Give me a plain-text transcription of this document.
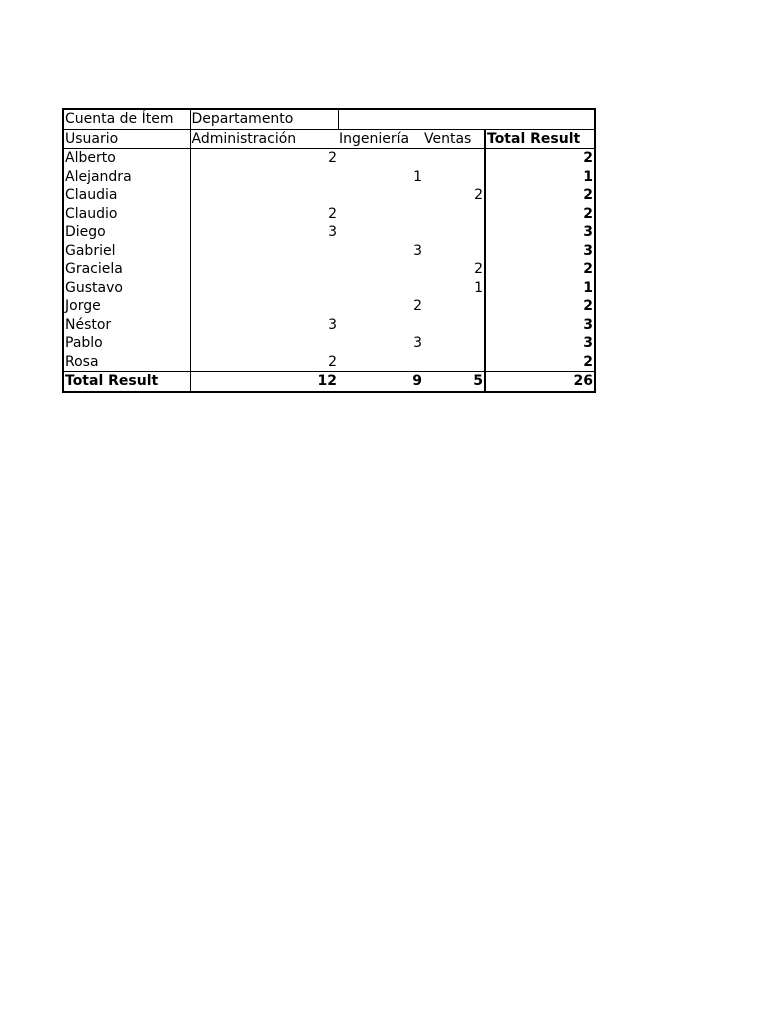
Cuenta de Ítem	Departamento			
Usuario	Administración	Ingeniería	Ventas	Total Result
Alberto	2			2
Alejandra		1		1
Claudia			2	2
Claudio	2			2
Diego	3			3
Gabriel		3		3
Graciela			2	2
Gustavo			1	1
Jorge		2		2
Néstor	3			3
Pablo		3		3
Rosa	2			2
Total Result	12	9	5	26
